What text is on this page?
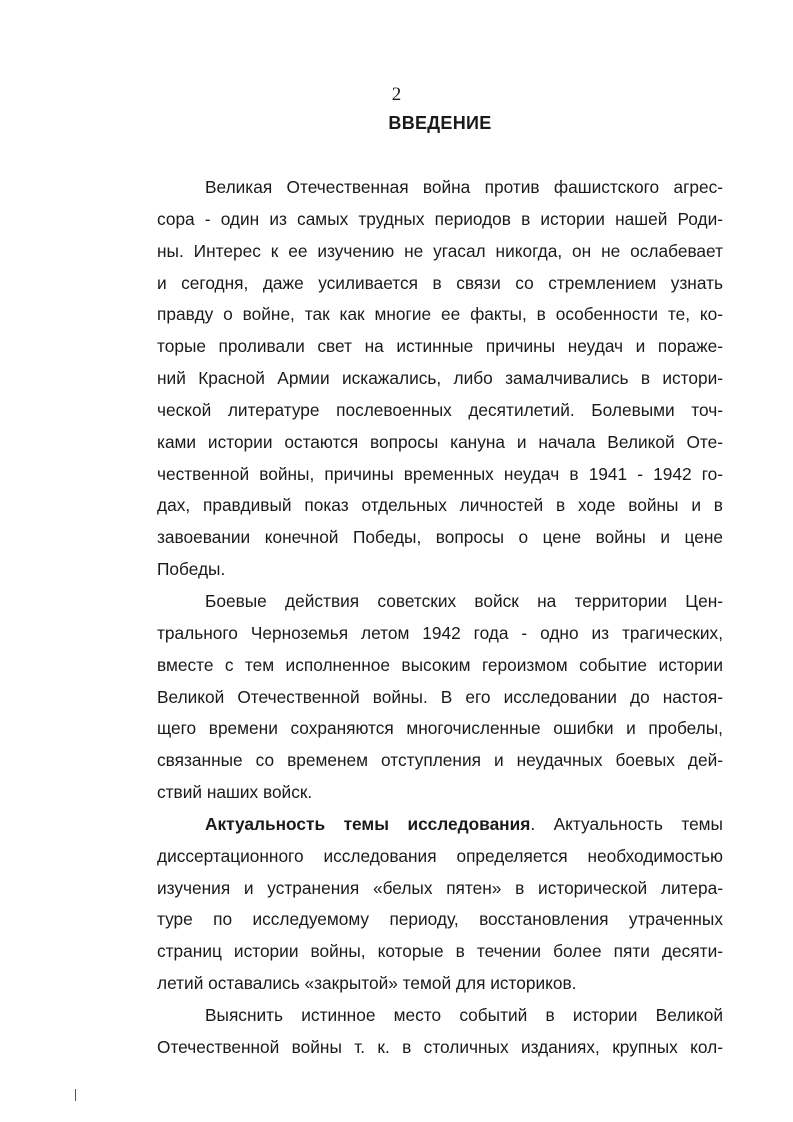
2
ВВЕДЕНИЕ
Великая Отечественная война против фашистского агрес-
сора - один из самых трудных периодов в истории нашей Роди-
ны. Интерес к ее изучению не угасал никогда, он не ослабевает
и сегодня, даже усиливается в связи со стремлением узнать
правду о войне, так как многие ее факты, в особенности те, ко-
торые проливали свет на истинные причины неудач и пораже-
ний Красной Армии искажались, либо замалчивались в истори-
ческой литературе послевоенных десятилетий. Болевыми точ-
ками истории остаются вопросы кануна и начала Великой Оте-
чественной войны, причины временных неудач в 1941 - 1942 го-
дах, правдивый показ отдельных личностей в ходе войны и в
завоевании конечной Победы, вопросы о цене войны и цене
Победы.
Боевые действия советских войск на территории Цен-
трального Черноземья летом 1942 года - одно из трагических,
вместе с тем исполненное высоким героизмом событие истории
Великой Отечественной войны. В его исследовании до настоя-
щего времени сохраняются многочисленные ошибки и пробелы,
связанные со временем отступления и неудачных боевых дей-
ствий наших войск.
Актуальность темы исследования. Актуальность темы
диссертационного исследования определяется необходимостью
изучения и устранения «белых пятен» в исторической литера-
туре по исследуемому периоду, восстановления утраченных
страниц истории войны, которые в течении более пяти десяти-
летий оставались «закрытой» темой для историков.
Выяснить истинное место событий в истории Великой
Отечественной войны т. к. в столичных изданиях, крупных кол-
